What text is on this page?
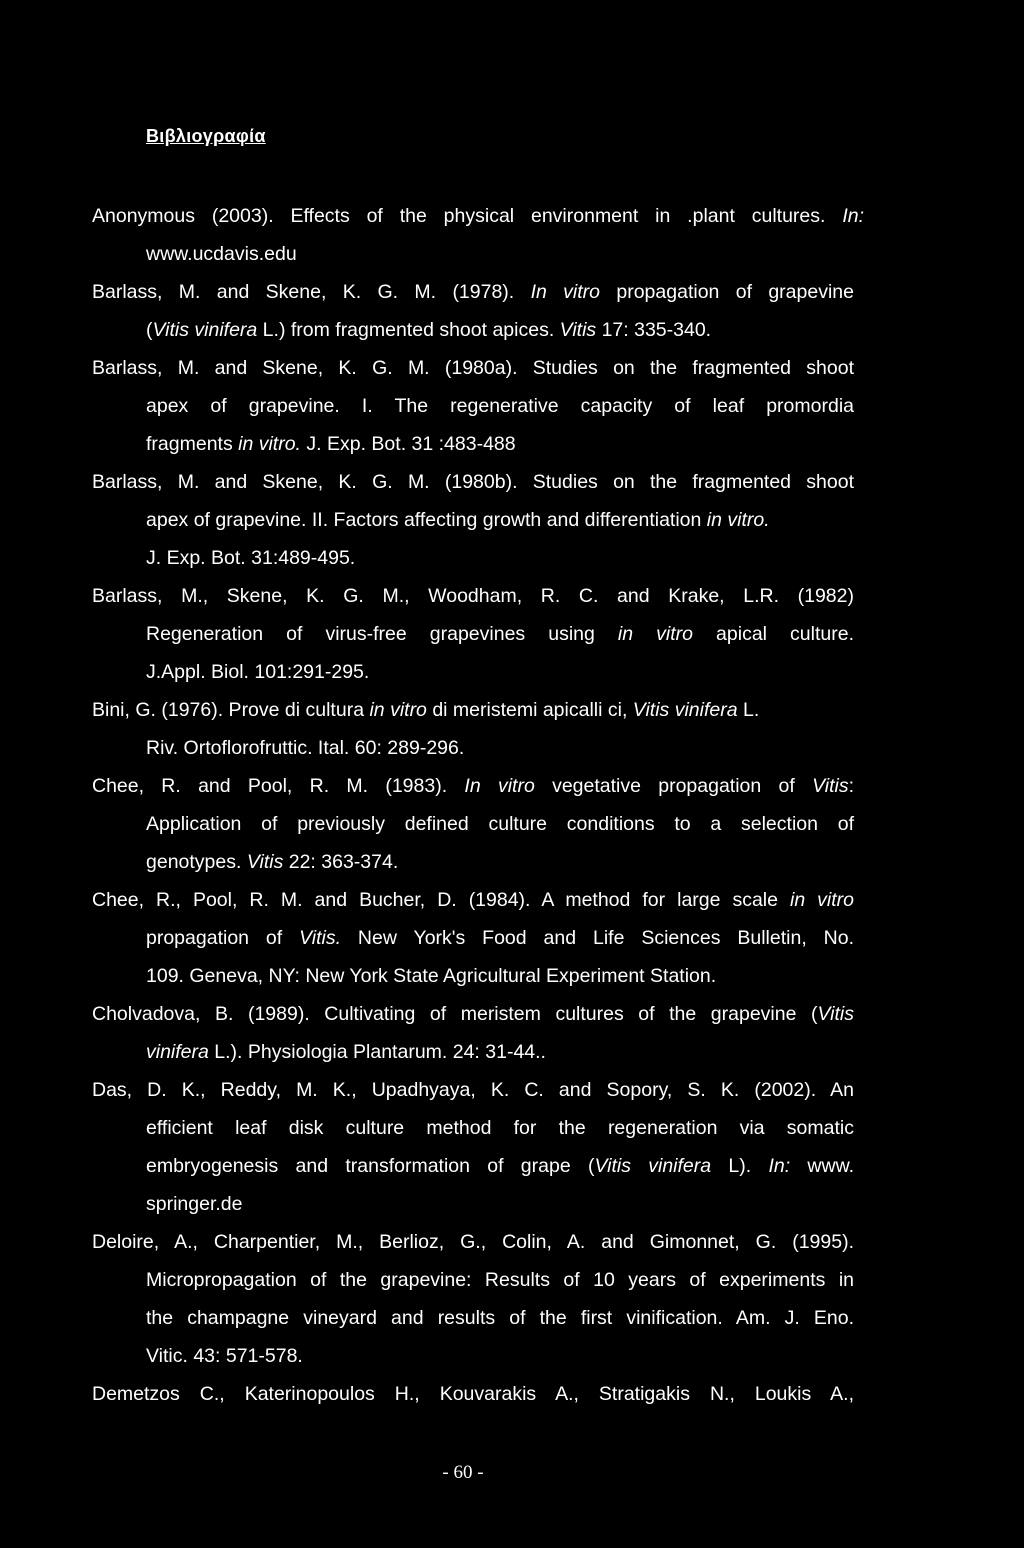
Βιβλιογραφία
Anonymous (2003). Effects of the physical environment in .plant cultures. In:
www.ucdavis.edu
Barlass, M. and Skene, K. G. M. (1978). In vitro propagation of grapevine
(Vitis vinifera L.) from fragmented shoot apices. Vitis 17: 335-340.
Barlass, M. and Skene, K. G. M. (1980a). Studies on the fragmented shoot
apex of grapevine. I. The regenerative capacity of leaf promordia
fragments in vitro. J. Exp. Bot. 31 :483-488
Barlass, M. and Skene, K. G. M. (1980b). Studies on the fragmented shoot
apex of grapevine. II. Factors affecting growth and differentiation in vitro.
J. Exp. Bot. 31:489-495.
Barlass, M., Skene, K. G. M., Woodham, R. C. and Krake, L.R. (1982)
Regeneration of virus-free grapevines using in vitro apical culture.
J.Appl. Biol. 101:291-295.
Bini, G. (1976). Prove di cultura in vitro di meristemi apicalli ci, Vitis vinifera L.
Riv. Ortoflorofruttic. Ital. 60: 289-296.
Chee, R. and Pool, R. M. (1983). In vitro vegetative propagation of Vitis:
Application of previously defined culture conditions to a selection of
genotypes. Vitis 22: 363-374.
Chee, R., Pool, R. M. and Bucher, D. (1984). A method for large scale in vitro
propagation of Vitis. New York's Food and Life Sciences Bulletin, No.
109. Geneva, NY: New York State Agricultural Experiment Station.
Cholvadova, B. (1989). Cultivating of meristem cultures of the grapevine (Vitis
vinifera L.). Physiologia Plantarum. 24: 31-44..
Das, D. K., Reddy, M. K., Upadhyaya, K. C. and Sopory, S. K. (2002). An
efficient leaf disk culture method for the regeneration via somatic
embryogenesis and transformation of grape (Vitis vinifera L). In: www.
springer.de
Deloire, A., Charpentier, M., Berlioz, G., Colin, A. and Gimonnet, G. (1995).
Micropropagation of the grapevine: Results of 10 years of experiments in
the champagne vineyard and results of the first vinification. Am. J. Eno.
Vitic. 43: 571-578.
Demetzos C., Katerinopoulos H., Kouvarakis A., Stratigakis N., Loukis A.,
- 60 -
